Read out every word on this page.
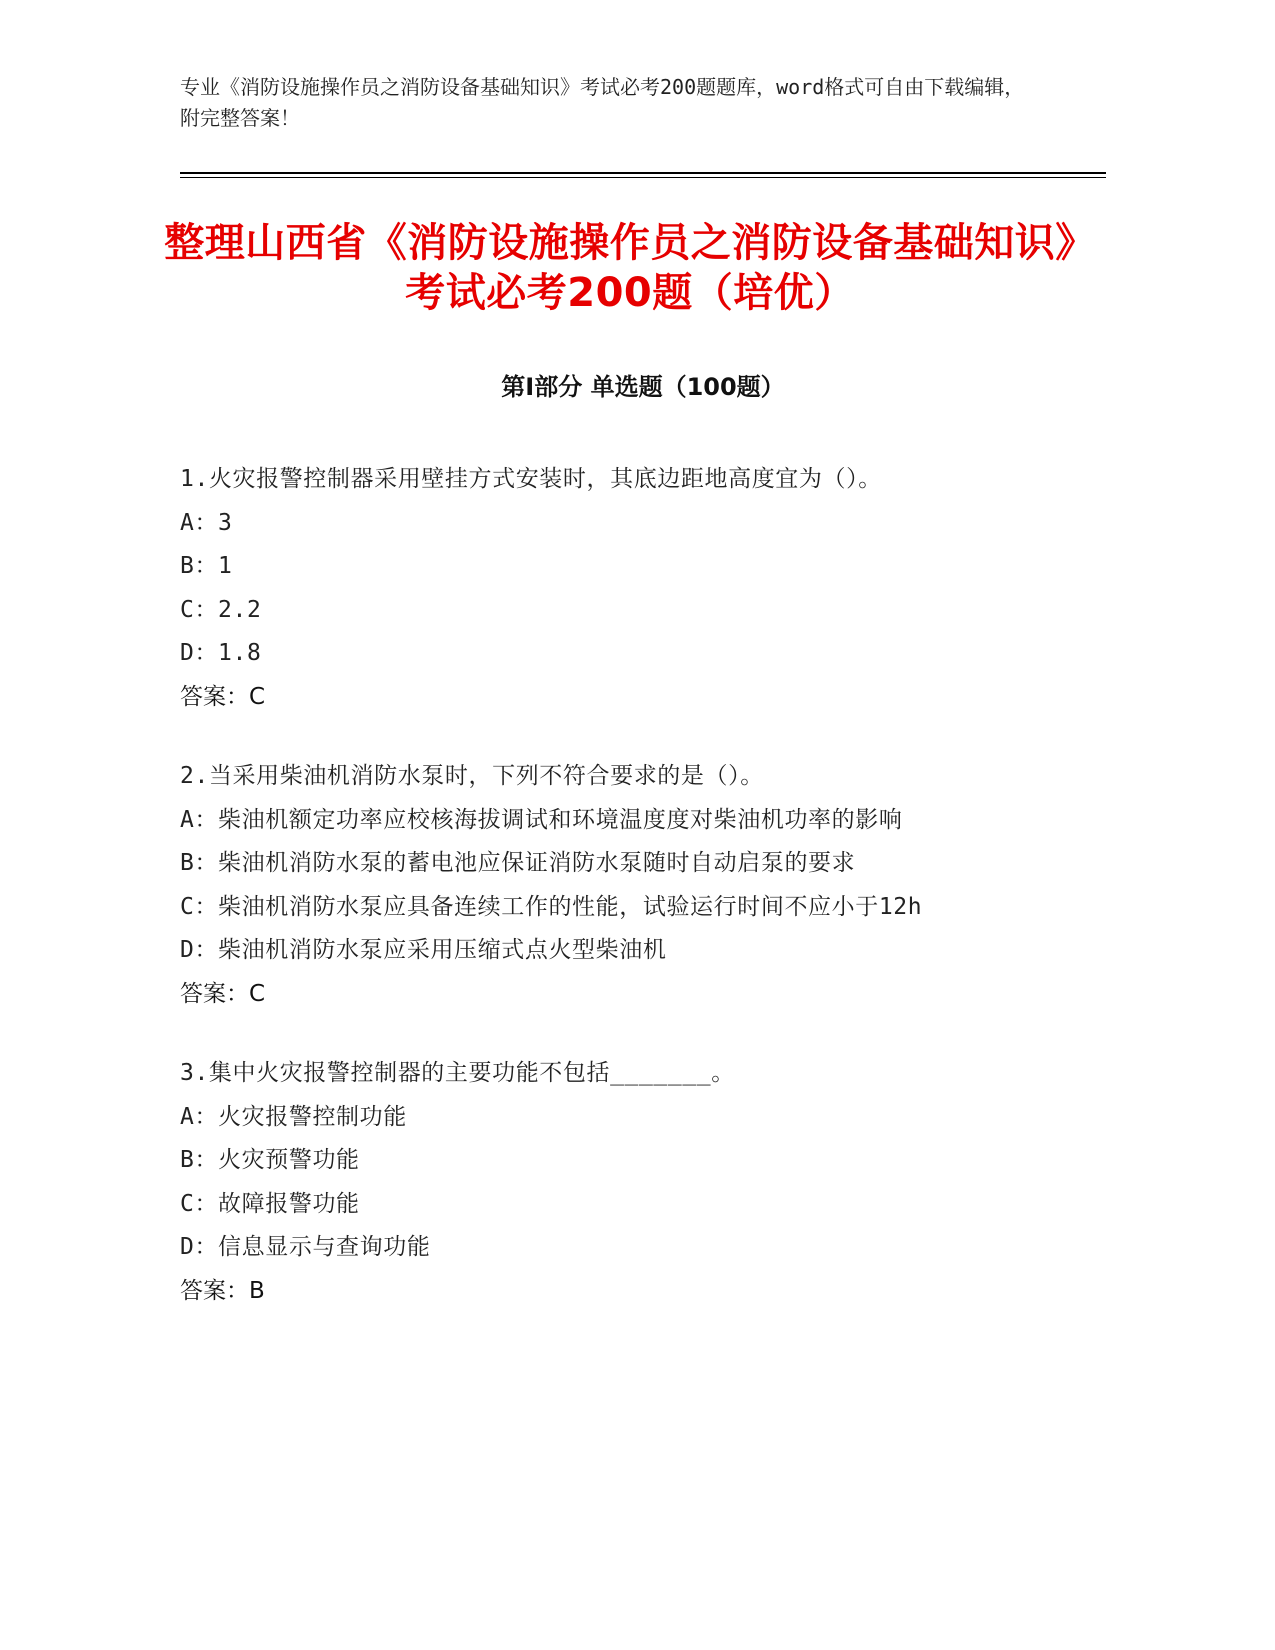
专业《消防设施操作员之消防设备基础知识》考试必考200题题库，word格式可自由下载编辑，附完整答案！
整理山西省《消防设施操作员之消防设备基础知识》考试必考200题（培优）
第Ⅰ部分 单选题（100题）
1.火灾报警控制器采用壁挂方式安装时，其底边距地高度宜为（）。
A：3
B：1
C：2.2
D：1.8
答案：C
2.当采用柴油机消防水泵时，下列不符合要求的是（）。
A：柴油机额定功率应校核海拔调试和环境温度度对柴油机功率的影响
B：柴油机消防水泵的蓄电池应保证消防水泵随时自动启泵的要求
C：柴油机消防水泵应具备连续工作的性能，试验运行时间不应小于12h
D：柴油机消防水泵应采用压缩式点火型柴油机
答案：C
3.集中火灾报警控制器的主要功能不包括_______。
A：火灾报警控制功能
B：火灾预警功能
C：故障报警功能
D：信息显示与查询功能
答案：B
